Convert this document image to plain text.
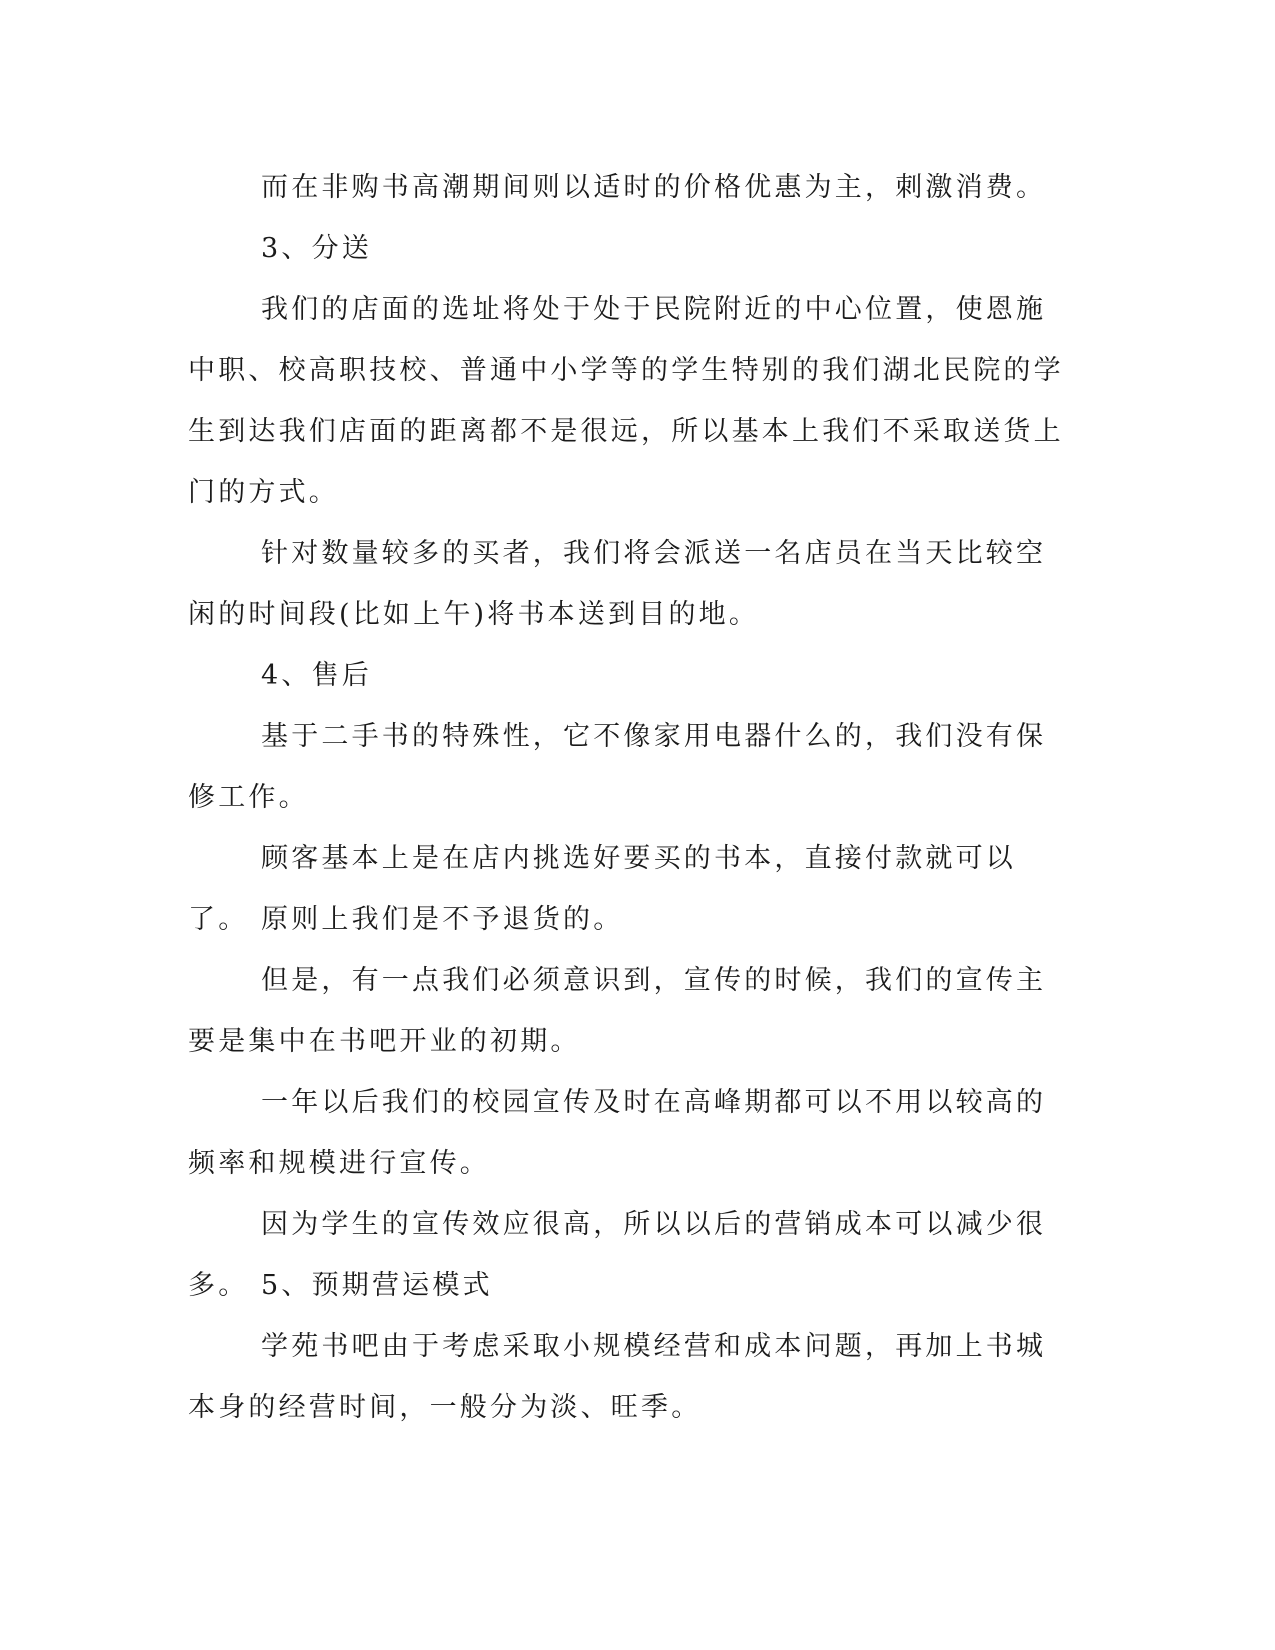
而在非购书高潮期间则以适时的价格优惠为主，刺激消费。

3、分送

我们的店面的选址将处于处于民院附近的中心位置，使恩施中职、校高职技校、普通中小学等的学生特别的我们湖北民院的学生到达我们店面的距离都不是很远，所以基本上我们不采取送货上门的方式。

针对数量较多的买者，我们将会派送一名店员在当天比较空闲的时间段(比如上午)将书本送到目的地。

4、售后

基于二手书的特殊性，它不像家用电器什么的，我们没有保修工作。

顾客基本上是在店内挑选好要买的书本，直接付款就可以了。 原则上我们是不予退货的。

但是，有一点我们必须意识到，宣传的时候，我们的宣传主要是集中在书吧开业的初期。

一年以后我们的校园宣传及时在高峰期都可以不用以较高的频率和规模进行宣传。

因为学生的宣传效应很高，所以以后的营销成本可以减少很多。 5、预期营运模式

学苑书吧由于考虑采取小规模经营和成本问题，再加上书城本身的经营时间，一般分为淡、旺季。
